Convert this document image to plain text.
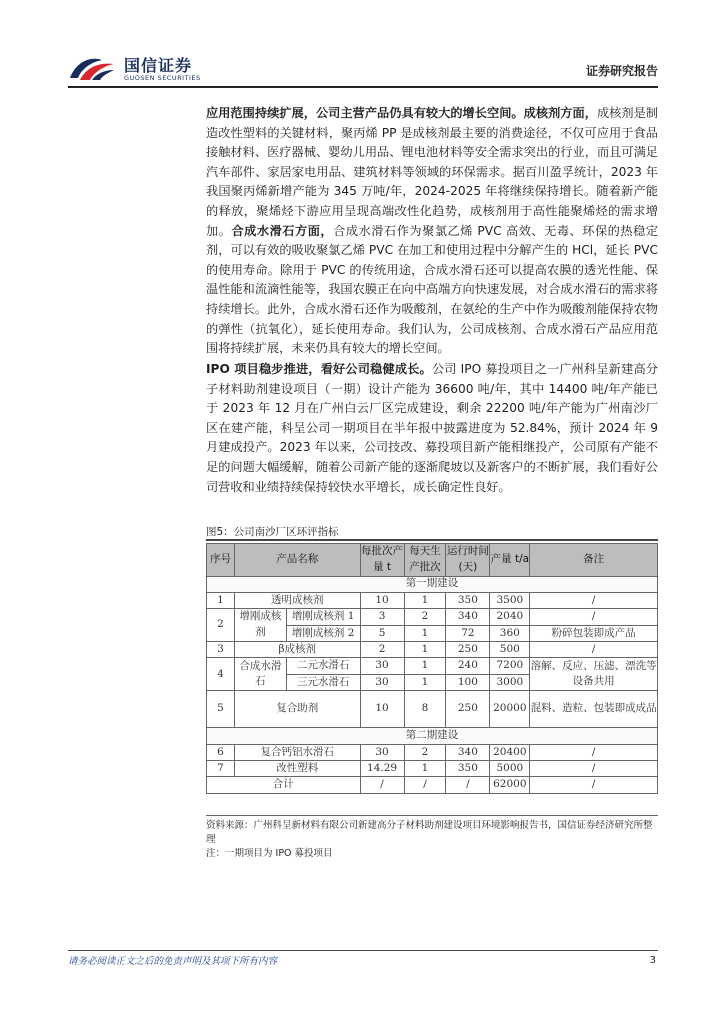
国信证券
GUOSEN SECURITIES	证券研究报告
应用范围持续扩展，公司主营产品仍具有较大的增长空间。成核剂方面，成核剂是制造改性塑料的关键材料，聚丙烯 PP 是成核剂最主要的消费途径，不仅可应用于食品接触材料、医疗器械、婴幼儿用品、锂电池材料等安全需求突出的行业，而且可满足汽车部件、家居家电用品、建筑材料等领域的环保需求。据百川盈孚统计，2023 年我国聚丙烯新增产能为 345 万吨/年，2024-2025 年将继续保持增长。随着新产能的释放，聚烯烃下游应用呈现高端改性化趋势，成核剂用于高性能聚烯烃的需求增加。合成水滑石方面，合成水滑石作为聚氯乙烯 PVC 高效、无毒、环保的热稳定剂，可以有效的吸收聚氯乙烯 PVC 在加工和使用过程中分解产生的 HCl，延长 PVC 的使用寿命。除用于 PVC 的传统用途，合成水滑石还可以提高农膜的透光性能、保温性能和流滴性能等，我国农膜正在向中高端方向快速发展，对合成水滑石的需求将持续增长。此外，合成水滑石还作为吸酸剂，在氨纶的生产中作为吸酸剂能保持农物的弹性（抗氧化），延长使用寿命。我们认为，公司成核剂、合成水滑石产品应用范围将持续扩展，未来仍具有较大的增长空间。
IPO 项目稳步推进，看好公司稳健成长。公司 IPO 募投项目之一广州科呈新建高分子材料助剂建设项目（一期）设计产能为 36600 吨/年，其中 14400 吨/年产能已于 2023 年 12 月在广州白云厂区完成建设，剩余 22200 吨/年产能为广州南沙厂区在建产能，科呈公司一期项目在半年报中披露进度为 52.84%，预计 2024 年 9 月建成投产。2023 年以来，公司技改、募投项目新产能相继投产，公司原有产能不足的问题大幅缓解，随着公司新产能的逐渐爬坡以及新客户的不断扩展，我们看好公司营收和业绩持续保持较快水平增长，成长确定性良好。
图5：公司南沙厂区环评指标
序号	产品名称		每批次产量 t	每天生产批次	运行时间(天)	产量 t/a	备注
第一期建设							
1	透明成核剂		10	1	350	3500	/
2	增刚成核剂	增刚成核剂 1	3	2	340	2040	/
		增刚成核剂 2	5	1	72	360	粉碎包装即成产品
3	β成核剂		2	1	250	500	/
4	合成水滑石	二元水滑石	30	1	240	7200	溶解、反应、压滤、漂洗等设备共用
		三元水滑石	30	1	100	3000	
5	复合助剂		10	8	250	20000	混料、造粒、包装即成成品
第二期建设							
6	复合钙铝水滑石		30	2	340	20400	/
7	改性塑料		14.29	1	350	5000	/
合计			/	/	/	62000	/
资料来源：广州科呈新材料有限公司新建高分子材料助剂建设项目环境影响报告书，国信证券经济研究所整理
注：一期项目为 IPO 募投项目
请务必阅读正文之后的免责声明及其项下所有内容	3
